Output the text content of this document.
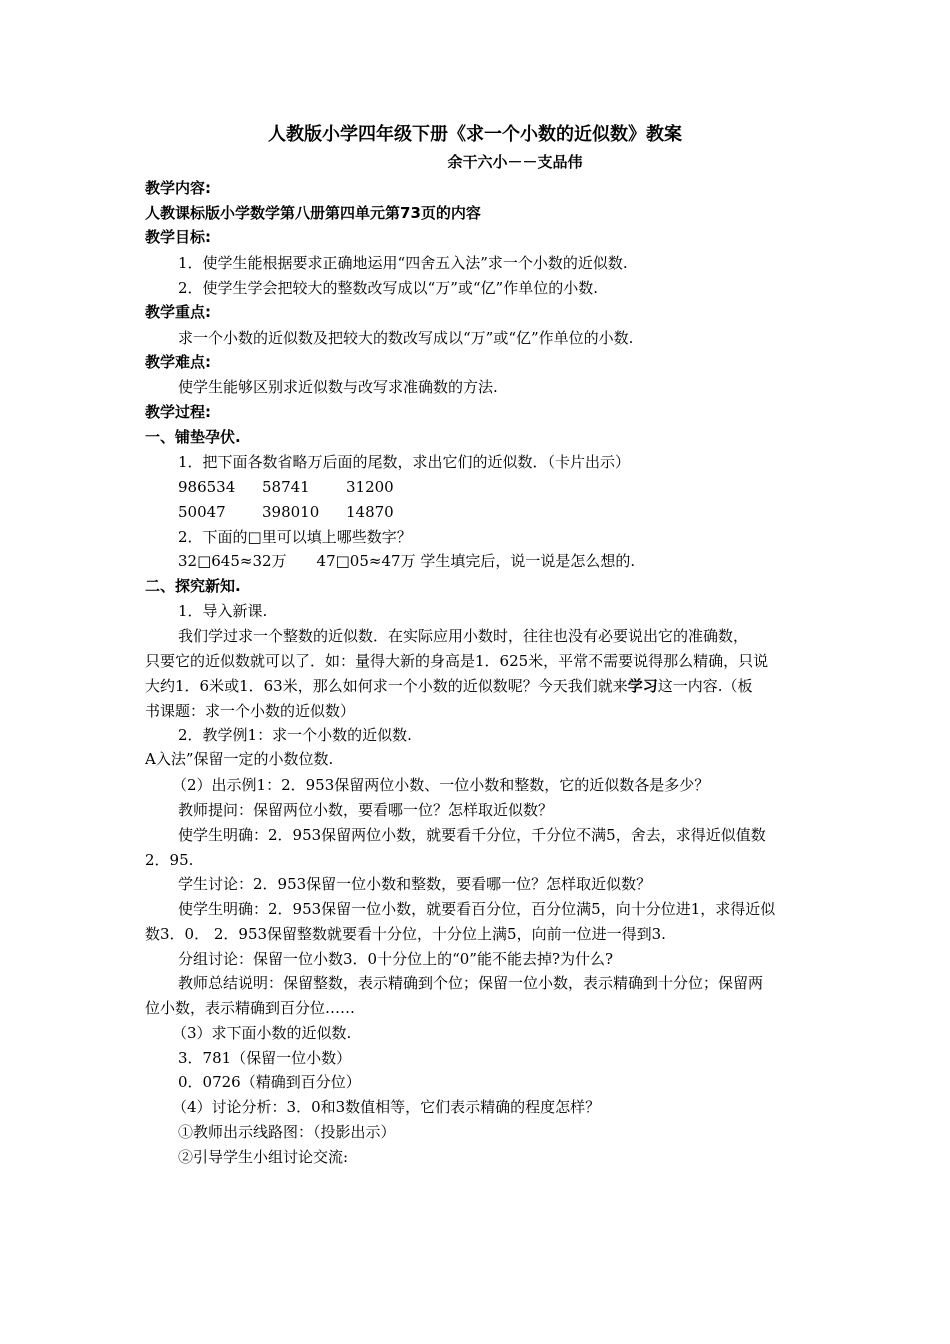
人教版小学四年级下册《求一个小数的近似数》教案
余干六小－－支品伟
教学内容:
人教课标版小学数学第八册第四单元第73页的内容
教学目标:
1．使学生能根据要求正确地运用“四舍五入法”求一个小数的近似数.
2．使学生学会把较大的整数改写成以“万”或“亿”作单位的小数.
教学重点:
求一个小数的近似数及把较大的数改写成以“万”或“亿”作单位的小数.
教学难点:
使学生能够区别求近似数与改写求准确数的方法.
教学过程:
一、铺垫孕伏.
1．把下面各数省略万后面的尾数，求出它们的近似数．（卡片出示）
986534 58741 31200
50047 398010 14870
2．下面的□里可以填上哪些数字？
32□645≈32万 47□05≈47万 学生填完后，说一说是怎么想的.
二、探究新知.
1．导入新课.
我们学过求一个整数的近似数．在实际应用小数时，往往也没有必要说出它的准确数，
只要它的近似数就可以了．如：量得大新的身高是1．625米，平常不需要说得那么精确，只说
大约1．6米或1．63米，那么如何求一个小数的近似数呢？今天我们就来学习这一内容.（板
书课题：求一个小数的近似数）
2．教学例1：求一个小数的近似数.
A入法”保留一定的小数位数.
（2）出示例1：2．953保留两位小数、一位小数和整数，它的近似数各是多少？
教师提问：保留两位小数，要看哪一位？怎样取近似数？
使学生明确：2．953保留两位小数，就要看千分位，千分位不满5，舍去，求得近似值数
2．95.
学生讨论：2．953保留一位小数和整数，要看哪一位？怎样取近似数？
使学生明确：2．953保留一位小数，就要看百分位，百分位满5，向十分位进1，求得近似
数3．0． 2．953保留整数就要看十分位，十分位上满5，向前一位进一得到3.
分组讨论：保留一位小数3．0十分位上的“0”能不能去掉?为什么?
教师总结说明：保留整数，表示精确到个位；保留一位小数，表示精确到十分位；保留两
位小数，表示精确到百分位……
（3）求下面小数的近似数.
3．781（保留一位小数）
0．0726（精确到百分位）
（4）讨论分析：3．0和3数值相等，它们表示精确的程度怎样？
①教师出示线路图：（投影出示）
②引导学生小组讨论交流:
